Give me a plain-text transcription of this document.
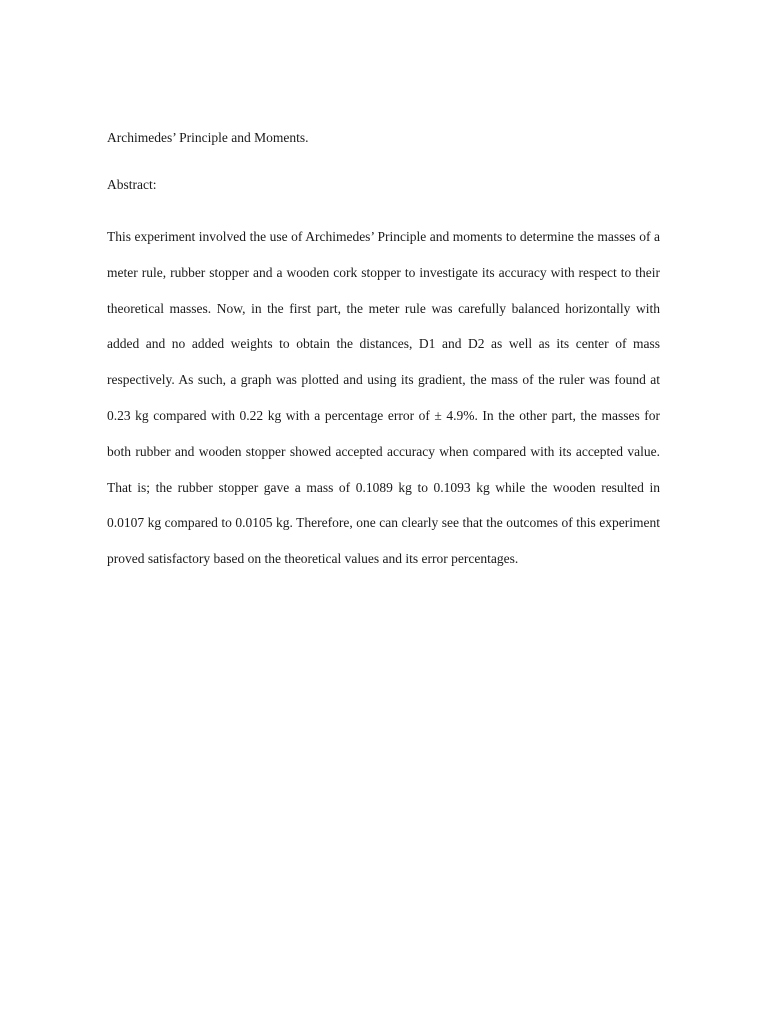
Archimedes’ Principle and Moments.

Abstract:

This experiment involved the use of Archimedes’ Principle and moments to determine the masses of a meter rule, rubber stopper and a wooden cork stopper to investigate its accuracy with respect to their theoretical masses. Now, in the first part, the meter rule was carefully balanced horizontally with added and no added weights to obtain the distances, D1 and D2 as well as its center of mass respectively. As such, a graph was plotted and using its gradient, the mass of the ruler was found at 0.23 kg compared with 0.22 kg with a percentage error of ± 4.9%. In the other part, the masses for both rubber and wooden stopper showed accepted accuracy when compared with its accepted value. That is; the rubber stopper gave a mass of 0.1089 kg to 0.1093 kg while the wooden resulted in 0.0107 kg compared to 0.0105 kg. Therefore, one can clearly see that the outcomes of this experiment proved satisfactory based on the theoretical values and its error percentages.
